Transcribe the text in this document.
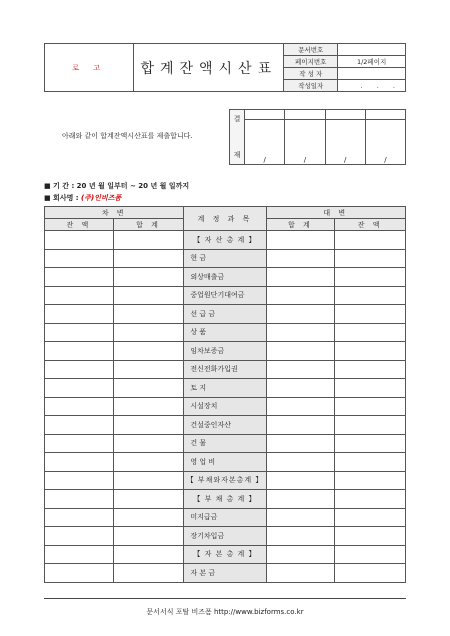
로 고	합계잔액시산표	문서번호	
		페이지번호	1/2페이지
		작 성 자	
		작성일자	. . .
아래와 같이 합계잔액시산표를 제출합니다.
결

재				
	/	/	/	/
■ 기 간 : 20 년 월 일부터 ~ 20 년 월 일까지
■ 회사명 : (주)인비즈폼
차 변		계 정 과 목	대 변	
잔 액	합 계		합 계	잔 액
		【 자 산 총 계 】		
		현 금		
		외상매출금		
		중업원단기대여금		
		선 급 금		
		상 품		
		임차보증금		
		전신전화가입권		
		토 지		
		시설장치		
		건설중인자산		
		건 물		
		영 업 비		
		【 부채와자본총계 】		
		【 부 채 총 계 】		
		미지급금		
		장기차입금		
		【 자 본 총 계 】		
		자 본 금		
문서서식 포탈 비즈폼 http://www.bizforms.co.kr
